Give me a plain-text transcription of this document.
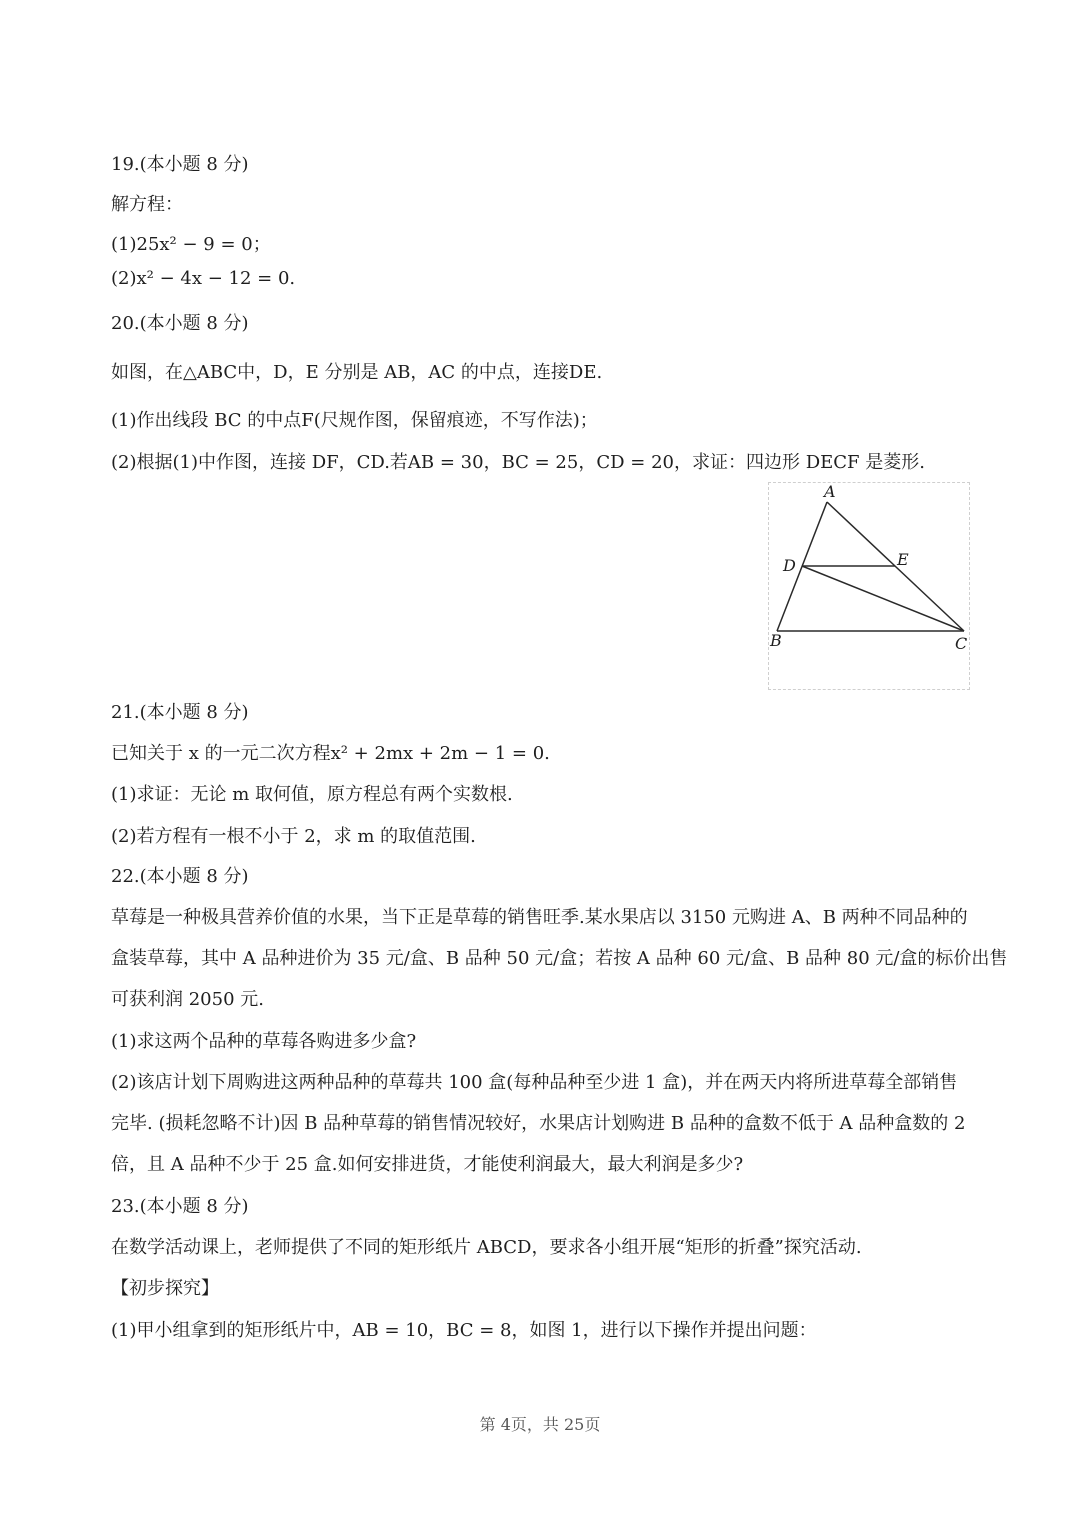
19.(本小题 8 分)

解方程：

(1)25x² − 9 = 0；

(2)x² − 4x − 12 = 0.

20.(本小题 8 分)

如图，在△ABC中，D，E 分别是 AB，AC 的中点，连接DE.

(1)作出线段 BC 的中点F(尺规作图，保留痕迹，不写作法)；

(2)根据(1)中作图，连接 DF，CD.若AB = 30，BC = 25，CD = 20，求证：四边形 DECF 是菱形.

A
D	E
B	C

21.(本小题 8 分)

已知关于 x 的一元二次方程x² + 2mx + 2m − 1 = 0.

(1)求证：无论 m 取何值，原方程总有两个实数根.

(2)若方程有一根不小于 2，求 m 的取值范围.

22.(本小题 8 分)

草莓是一种极具营养价值的水果，当下正是草莓的销售旺季.某水果店以 3150 元购进 A、B 两种不同品种的

盒装草莓，其中 A 品种进价为 35 元/盒、B 品种 50 元/盒；若按 A 品种 60 元/盒、B 品种 80 元/盒的标价出售

可获利润 2050 元.

(1)求这两个品种的草莓各购进多少盒?

(2)该店计划下周购进这两种品种的草莓共 100 盒(每种品种至少进 1 盒)，并在两天内将所进草莓全部销售

完毕. (损耗忽略不计)因 B 品种草莓的销售情况较好，水果店计划购进 B 品种的盒数不低于 A 品种盒数的 2

倍，且 A 品种不少于 25 盒.如何安排进货，才能使利润最大，最大利润是多少?

23.(本小题 8 分)

在数学活动课上，老师提供了不同的矩形纸片 ABCD，要求各小组开展“矩形的折叠”探究活动.

【初步探究】

(1)甲小组拿到的矩形纸片中，AB = 10，BC = 8，如图 1，进行以下操作并提出问题：

第 4页，共 25页
